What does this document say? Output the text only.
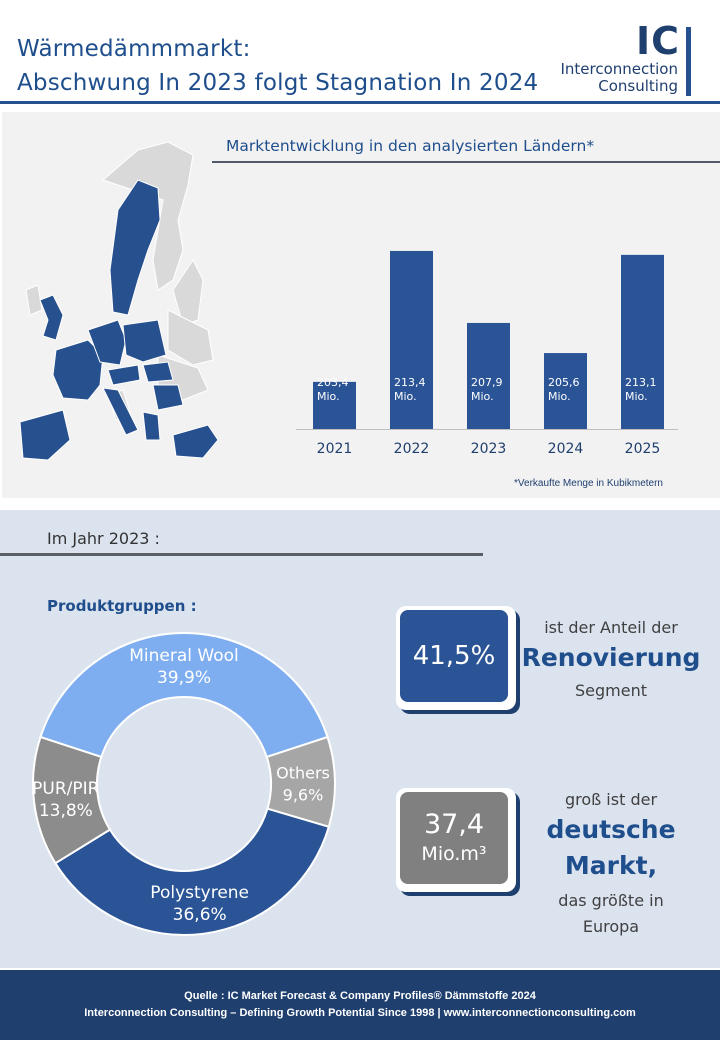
Wärmedämmmarkt:
Abschwung In 2023 folgt Stagnation In 2024
IC
Interconnection
Consulting
Marktentwicklung in den analysierten Ländern*
203,4
Mio.
2021
213,4
Mio.
2022
207,9
Mio.
2023
205,6
Mio.
2024
213,1
Mio.
2025
*Verkaufte Menge in Kubikmetern
Im Jahr 2023 :
Produktgruppen :
Mineral Wool
39,9%
Others
9,6%
Polystyrene
36,6%
PUR/PIR
13,8%
41,5%
ist der Anteil der
Renovierung
Segment
37,4
Mio.m³
groß ist der
deutsche
Markt,
das größte in
Europa
Quelle : IC Market Forecast & Company Profiles® Dämmstoffe 2024
Interconnection Consulting – Defining Growth Potential Since 1998 | www.interconnectionconsulting.com
